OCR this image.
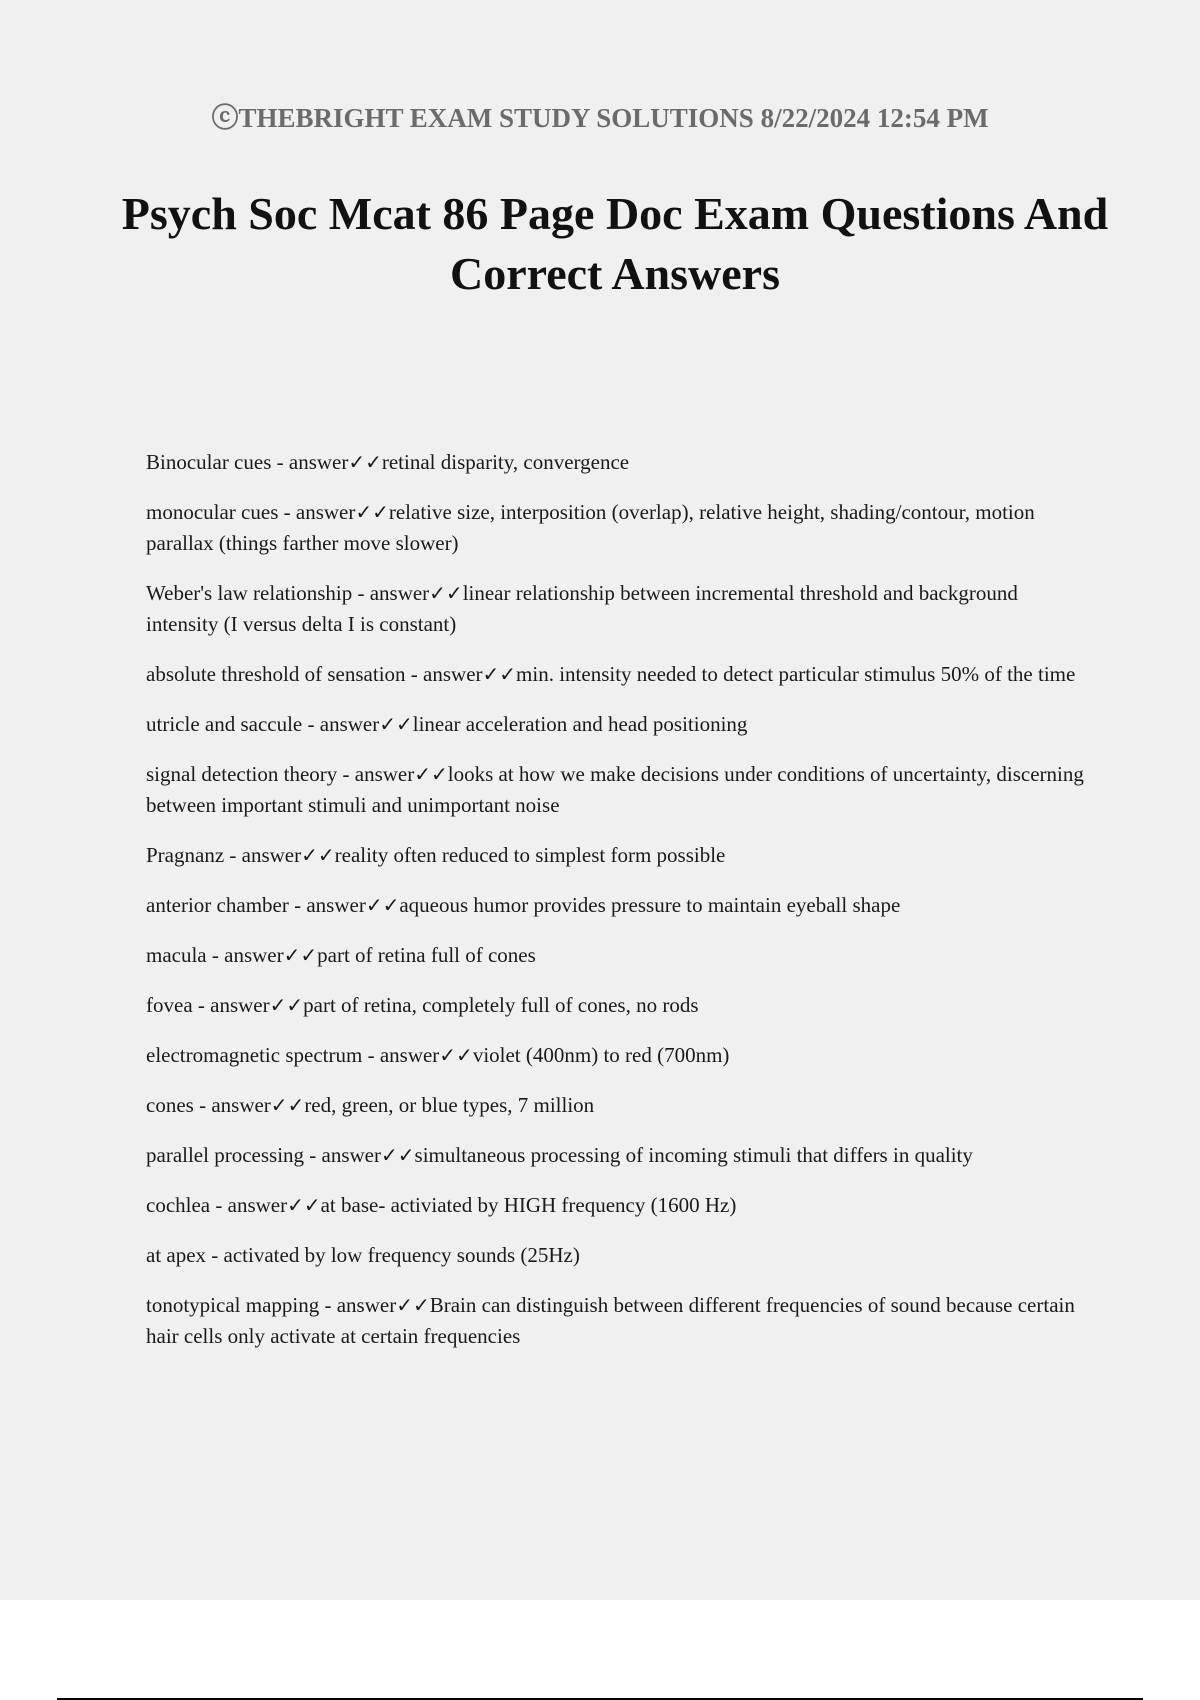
ⓒTHEBRIGHT EXAM STUDY SOLUTIONS 8/22/2024 12:54 PM
Psych Soc Mcat 86 Page Doc Exam Questions And Correct Answers
Binocular cues - answer✓✓retinal disparity, convergence
monocular cues - answer✓✓relative size, interposition (overlap), relative height, shading/contour, motion parallax (things farther move slower)
Weber's law relationship - answer✓✓linear relationship between incremental threshold and background intensity (I versus delta I is constant)
absolute threshold of sensation - answer✓✓min. intensity needed to detect particular stimulus 50% of the time
utricle and saccule - answer✓✓linear acceleration and head positioning
signal detection theory - answer✓✓looks at how we make decisions under conditions of uncertainty, discerning between important stimuli and unimportant noise
Pragnanz - answer✓✓reality often reduced to simplest form possible
anterior chamber - answer✓✓aqueous humor provides pressure to maintain eyeball shape
macula - answer✓✓part of retina full of cones
fovea - answer✓✓part of retina, completely full of cones, no rods
electromagnetic spectrum - answer✓✓violet (400nm) to red (700nm)
cones - answer✓✓red, green, or blue types, 7 million
parallel processing - answer✓✓simultaneous processing of incoming stimuli that differs in quality
cochlea - answer✓✓at base- activiated by HIGH frequency (1600 Hz)
at apex - activated by low frequency sounds (25Hz)
tonotypical mapping - answer✓✓Brain can distinguish between different frequencies of sound because certain hair cells only activate at certain frequencies
